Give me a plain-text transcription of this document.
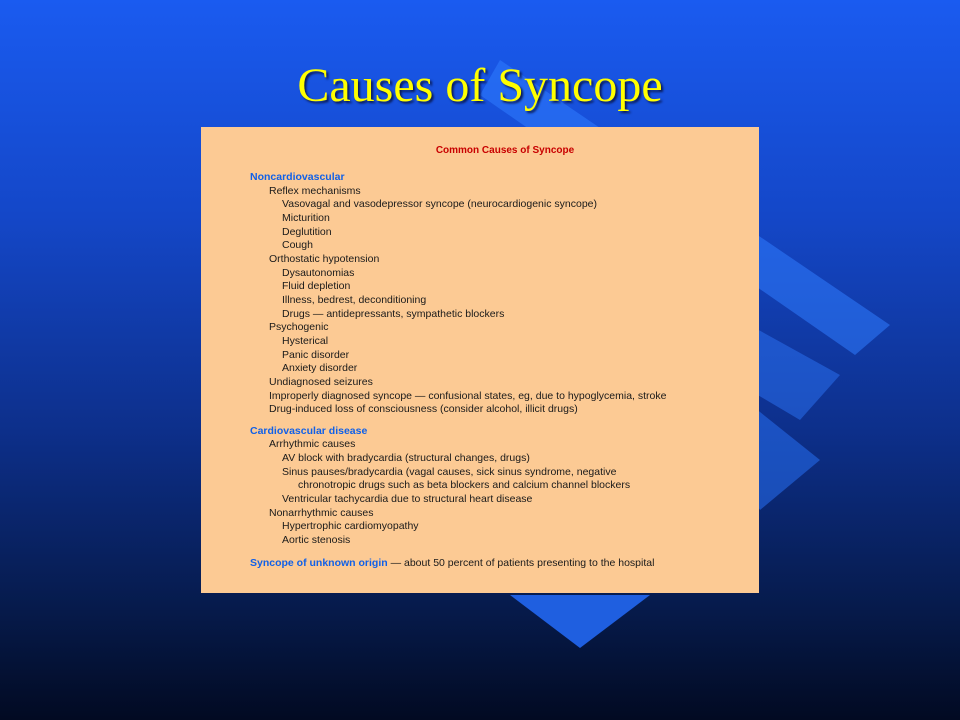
Causes of Syncope
Common Causes of Syncope
Noncardiovascular
Reflex mechanisms
Vasovagal and vasodepressor syncope (neurocardiogenic syncope)
Micturition
Deglutition
Cough
Orthostatic hypotension
Dysautonomias
Fluid depletion
Illness, bedrest, deconditioning
Drugs — antidepressants, sympathetic blockers
Psychogenic
Hysterical
Panic disorder
Anxiety disorder
Undiagnosed seizures
Improperly diagnosed syncope — confusional states, eg, due to hypoglycemia, stroke
Drug-induced loss of consciousness (consider alcohol, illicit drugs)
Cardiovascular disease
Arrhythmic causes
AV block with bradycardia (structural changes, drugs)
Sinus pauses/bradycardia (vagal causes, sick sinus syndrome, negative
chronotropic drugs such as beta blockers and calcium channel blockers
Ventricular tachycardia due to structural heart disease
Nonarrhythmic causes
Hypertrophic cardiomyopathy
Aortic stenosis
Syncope of unknown origin — about 50 percent of patients presenting to the hospital
